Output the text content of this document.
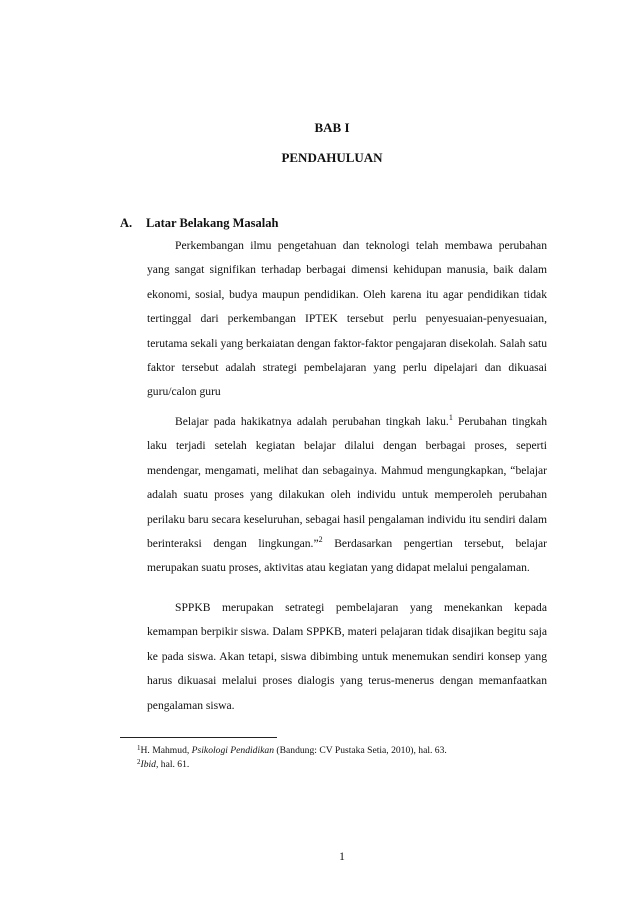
BAB I
PENDAHULUAN
A. Latar Belakang Masalah

Perkembangan ilmu pengetahuan dan teknologi telah membawa perubahan yang sangat signifikan terhadap berbagai dimensi kehidupan manusia, baik dalam ekonomi, sosial, budya maupun pendidikan. Oleh karena itu agar pendidikan tidak tertinggal dari perkembangan IPTEK tersebut perlu penyesuaian-penyesuaian, terutama sekali yang berkaiatan dengan faktor-faktor pengajaran disekolah. Salah satu faktor tersebut adalah strategi pembelajaran yang perlu dipelajari dan dikuasai guru/calon guru

Belajar pada hakikatnya adalah perubahan tingkah laku.$^1$ Perubahan tingkah laku terjadi setelah kegiatan belajar dilalui dengan berbagai proses, seperti mendengar, mengamati, melihat dan sebagainya. Mahmud mengungkapkan, “belajar adalah suatu proses yang dilakukan oleh individu untuk memperoleh perubahan perilaku baru secara keseluruhan, sebagai hasil pengalaman individu itu sendiri dalam berinteraksi dengan lingkungan.”$^2$ Berdasarkan pengertian tersebut, belajar merupakan suatu proses, aktivitas atau kegiatan yang didapat melalui pengalaman.

SPPKB merupakan setrategi pembelajaran yang menekankan kepada kemampan berpikir siswa. Dalam SPPKB, materi pelajaran tidak disajikan begitu saja ke pada siswa. Akan tetapi, siswa dibimbing untuk menemukan sendiri konsep yang harus dikuasai melalui proses dialogis yang terus-menerus dengan memanfaatkan pengalaman siswa.

$^1$H. Mahmud, Psikologi Pendidikan (Bandung: CV Pustaka Setia, 2010), hal. 63.
$^2$Ibid, hal. 61.
1
